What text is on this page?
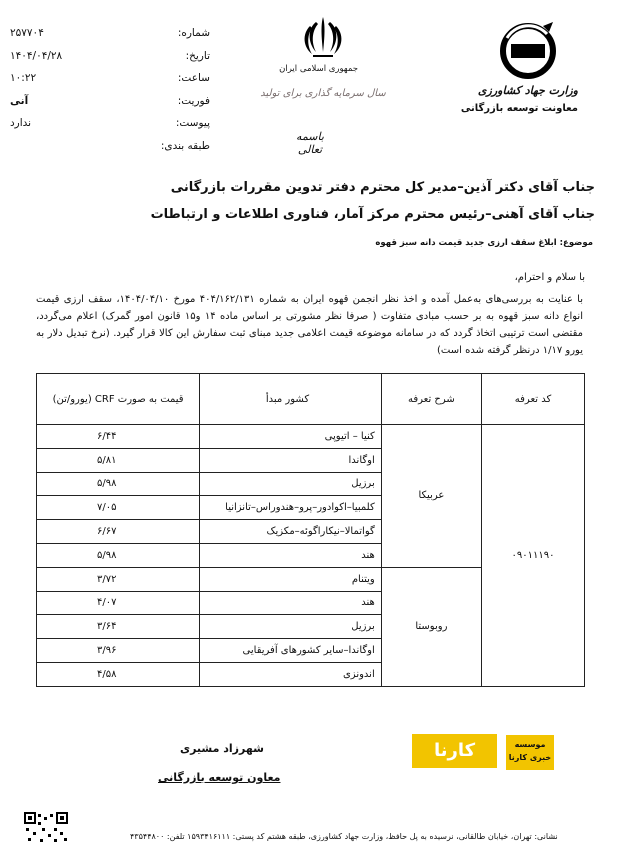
شماره:
۲۵۷۷۰۴
تاریخ:
۱۴۰۴/۰۴/۲۸
ساعت:
۱۰:۲۲
فوریت:
آنی
پیوست:
ندارد
طبقه بندی:
جمهوری اسلامی ایران
سال سرمایه گذاری برای تولید
باسمه تعالی
وزارت جهاد کشاورزی
معاونت توسعه بازرگانی
جناب آقای دکتر آذین–مدیر کل محترم دفتر تدوین مقررات بازرگانی
جناب آقای آهنی–رئیس محترم مرکز آمار، فناوری اطلاعات و ارتباطات
موضوع: ابلاغ سقف ارزی جدید قیمت دانه سبز قهوه
با سلام و احترام،
با عنایت به بررسی‌های به‌عمل آمده و اخذ نظر انجمن قهوه ایران به شماره ۴۰۴/۱۶۲/۱۳۱ مورخ ۱۴۰۴/۰۴/۱۰، سقف ارزی قیمت انواع دانه سبز قهوه به بر حسب مبادی متفاوت ( صرفا نظر مشورتی بر اساس ماده ۱۴ و۱۵ قانون امور گمرک) اعلام می‌گردد، مقتضی است ترتیبی اتخاذ گردد که در سامانه موضوعه قیمت اعلامی جدید مبنای ثبت سفارش این کالا قرار گیرد. (نرخ تبدیل دلار به یورو ۱/۱۷ درنظر گرفته شده است)
کد تعرفه	شرح تعرفه	کشور مبدأ	قیمت به صورت CRF (یورو/تن)
۰۹۰۱۱۱۹۰	عربیکا	کنیا – اتیوپی	۶/۴۴
		اوگاندا	۵/۸۱
		برزیل	۵/۹۸
		کلمبیا–اکوادور–پرو–هندوراس–تانزانیا	۷/۰۵
		گواتمالا–نیکاراگوئه–مکزیک	۶/۶۷
		هند	۵/۹۸
	روبوستا	ویتنام	۳/۷۲
		هند	۴/۰۷
		برزیل	۳/۶۴
		اوگاندا–سایر کشورهای آفریقایی	۳/۹۶
		اندونزی	۴/۵۸
شهرزاد مشیری
معاون توسعه بازرگانی
کارنا	موسسه خبری کارنا
نشانی: تهران، خیابان طالقانی، نرسیده به پل حافظ، وزارت جهاد کشاورزی، طبقه هشتم کد پستی: ۱۵۹۳۴۱۶۱۱۱ تلفن: ۴۳۵۴۴۸۰۰
